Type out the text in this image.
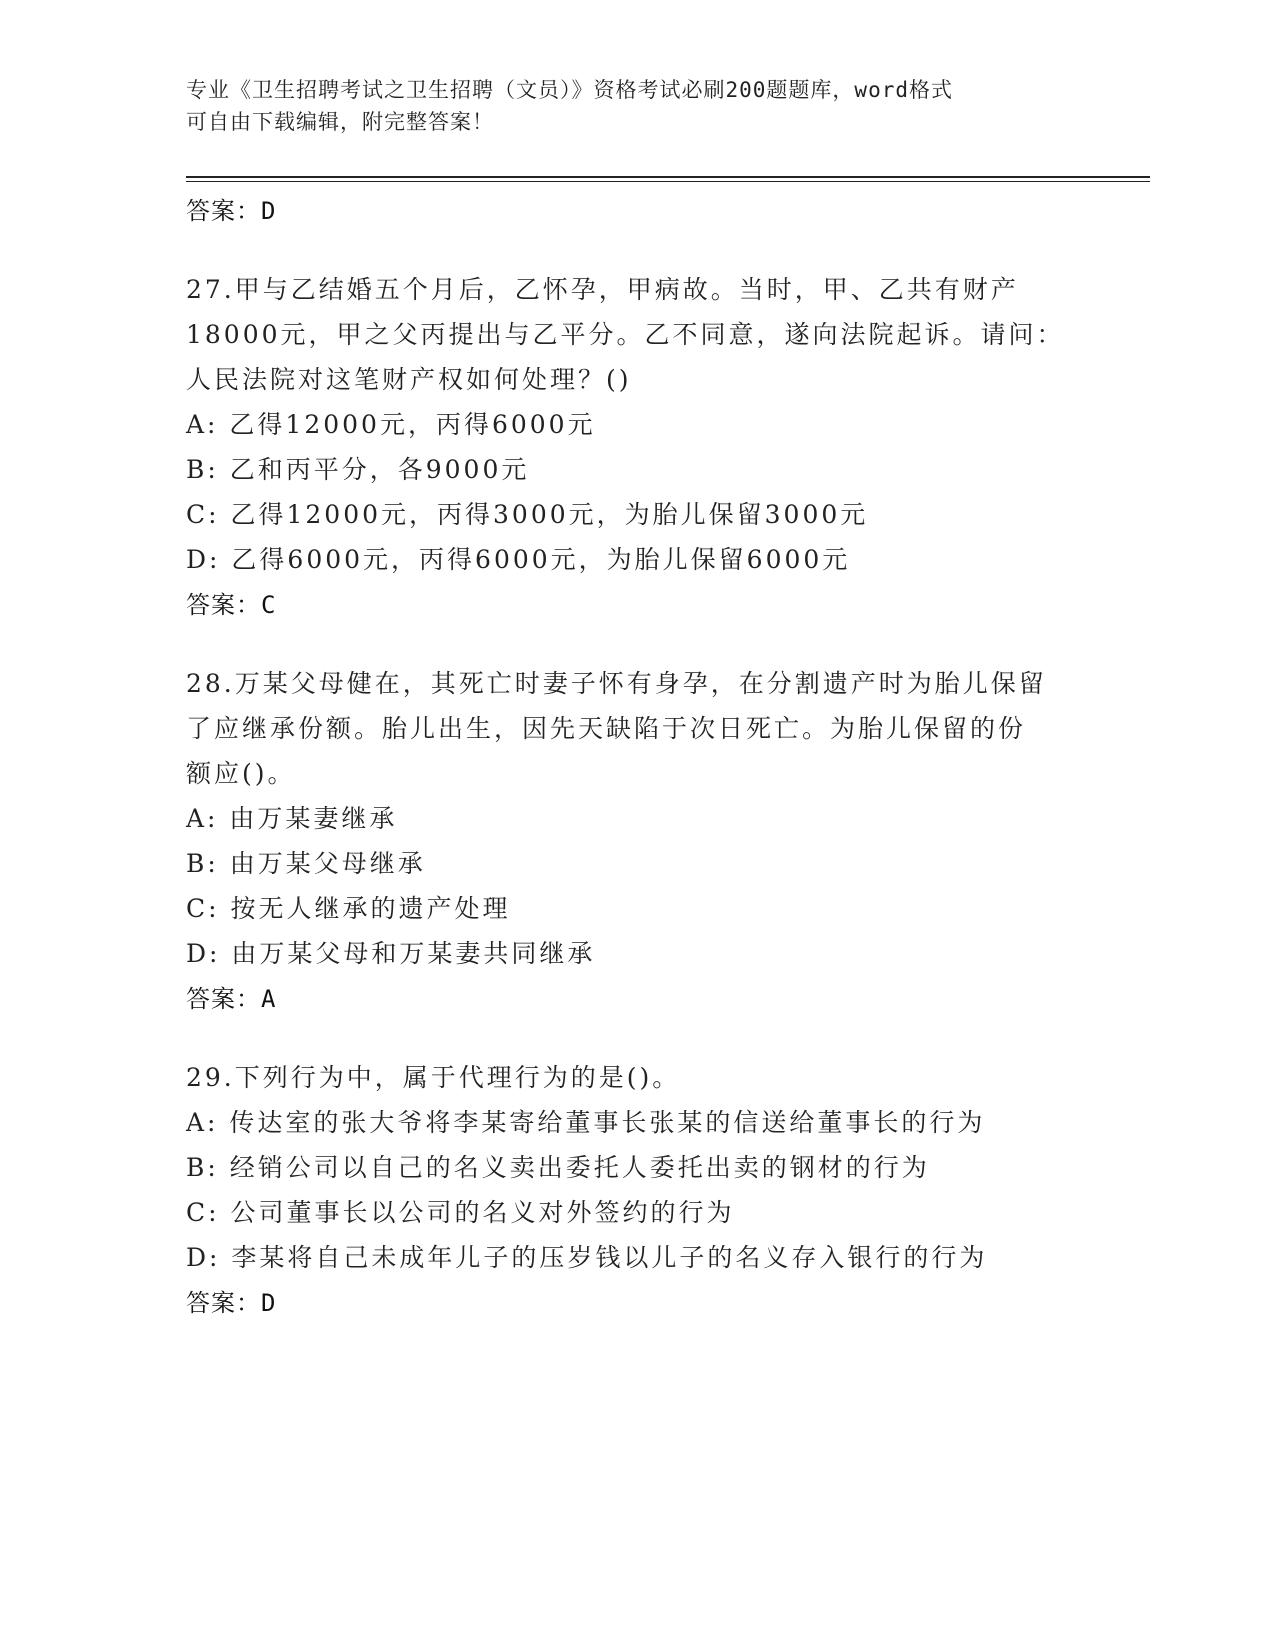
专业《卫生招聘考试之卫生招聘（文员）》资格考试必刷200题题库，word格式
可自由下载编辑，附完整答案！
答案：D

27.甲与乙结婚五个月后，乙怀孕，甲病故。当时，甲、乙共有财产

18000元，甲之父丙提出与乙平分。乙不同意，遂向法院起诉。请问：

人民法院对这笔财产权如何处理？()

A: 乙得12000元，丙得6000元
B: 乙和丙平分，各9000元
C: 乙得12000元，丙得3000元，为胎儿保留3000元
D: 乙得6000元，丙得6000元，为胎儿保留6000元
答案：C

28.万某父母健在，其死亡时妻子怀有身孕，在分割遗产时为胎儿保留

了应继承份额。胎儿出生，因先天缺陷于次日死亡。为胎儿保留的份

额应()。

A: 由万某妻继承
B: 由万某父母继承
C: 按无人继承的遗产处理
D: 由万某父母和万某妻共同继承
答案：A

29.下列行为中，属于代理行为的是()。

A: 传达室的张大爷将李某寄给董事长张某的信送给董事长的行为
B: 经销公司以自己的名义卖出委托人委托出卖的钢材的行为
C: 公司董事长以公司的名义对外签约的行为
D: 李某将自己未成年儿子的压岁钱以儿子的名义存入银行的行为
答案：D
